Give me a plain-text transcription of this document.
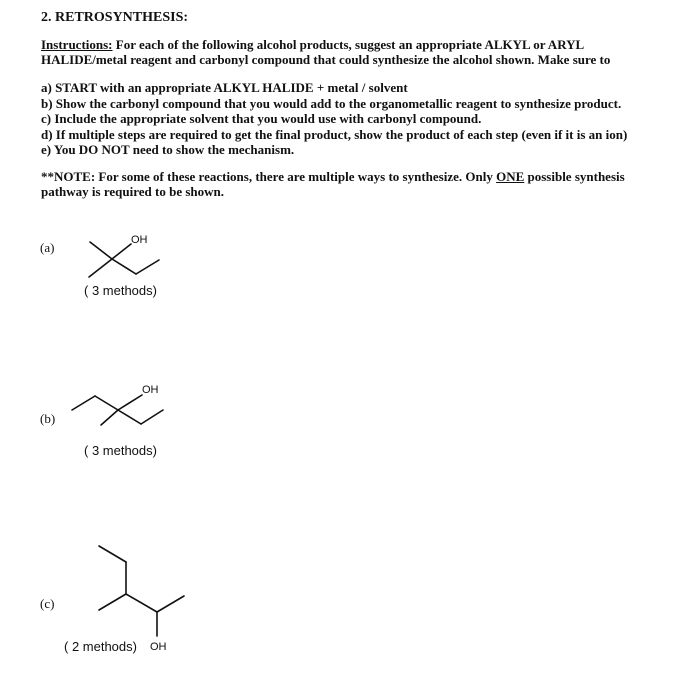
2. RETROSYNTHESIS:
Instructions: For each of the following alcohol products, suggest an appropriate ALKYL or ARYL HALIDE/metal reagent and carbonyl compound that could synthesize the alcohol shown. Make sure to
a) START with an appropriate ALKYL HALIDE + metal / solvent
b) Show the carbonyl compound that you would add to the organometallic reagent to synthesize product.
c) Include the appropriate solvent that you would use with carbonyl compound.
d) If multiple steps are required to get the final product, show the product of each step (even if it is an ion)
e) You DO NOT need to show the mechanism.
**NOTE: For some of these reactions, there are multiple ways to synthesize. Only ONE possible synthesis pathway is required to be shown.
(a)
(b)
(c)
( 3 methods)
( 3 methods)
( 2 methods)
OH
OH
OH
